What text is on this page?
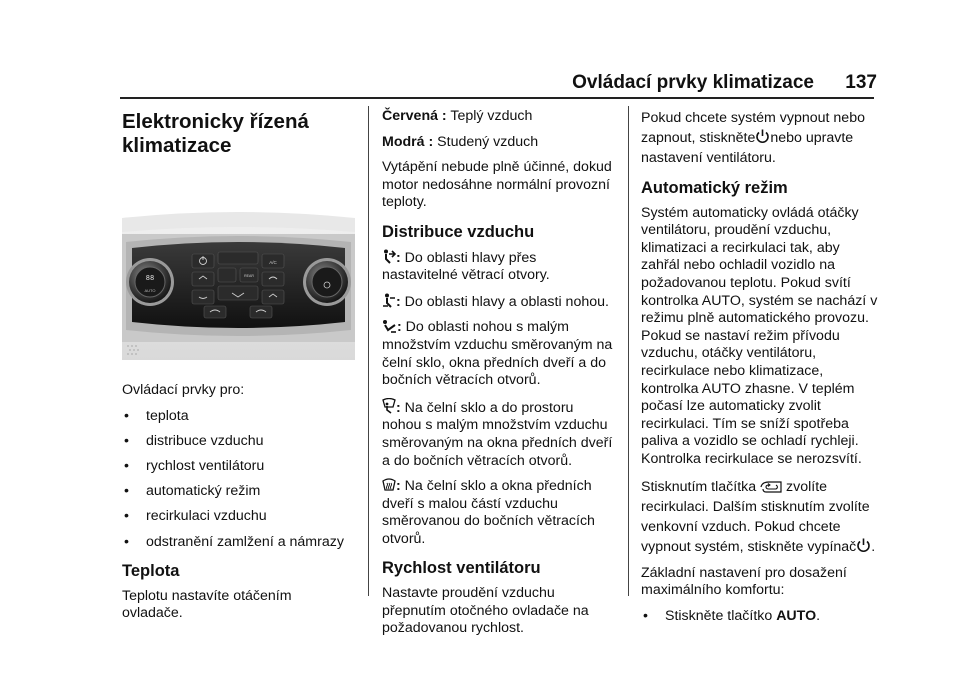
Ovládací prvky klimatizace 137
Elektronicky řízená klimatizace
88
AUTO
A/C
REAR

Ovládací prvky pro:

• teplota
• distribuce vzduchu
• rychlost ventilátoru
• automatický režim
• recirkulaci vzduchu
• odstranění zamlžení a námrazy
Teplota

Teplotu nastavíte otáčením ovladače.

Červená : Teplý vzduch

Modrá : Studený vzduch

Vytápění nebude plně účinné, dokud motor nedosáhne normální provozní teploty.

Distribuce vzduchu

: Do oblasti hlavy přes nastavitelné větrací otvory.

: Do oblasti hlavy a oblasti nohou.

: Do oblasti nohou s malým množstvím vzduchu směrovaným na čelní sklo, okna předních dveří a do bočních větracích otvorů.

: Na čelní sklo a do prostoru nohou s malým množstvím vzduchu směrovaným na okna předních dveří a do bočních větracích otvorů.

: Na čelní sklo a okna předních dveří s malou částí vzduchu směrovanou do bočních větracích otvorů.

Rychlost ventilátoru

Nastavte proudění vzduchu přepnutím otočného ovladače na požadovanou rychlost.

Pokud chcete systém vypnout nebo zapnout, stiskněte nebo upravte nastavení ventilátoru.

Automatický režim

Systém automaticky ovládá otáčky ventilátoru, proudění vzduchu, klimatizaci a recirkulaci tak, aby zahřál nebo ochladil vozidlo na požadovanou teplotu. Pokud svítí kontrolka AUTO, systém se nachází v režimu plně automatického provozu. Pokud se nastaví režim přívodu vzduchu, otáčky ventilátoru, recirkulace nebo klimatizace, kontrolka AUTO zhasne. V teplém počasí lze automaticky zvolit recirkulaci. Tím se sníží spotřeba paliva a vozidlo se ochladí rychleji. Kontrolka recirkulace se nerozsvítí.

Stisknutím tlačítka zvolíte recirkulaci. Dalším stisknutím zvolíte venkovní vzduch. Pokud chcete vypnout systém, stiskněte vypínač .

Základní nastavení pro dosažení maximálního komfortu:

• Stiskněte tlačítko AUTO.
